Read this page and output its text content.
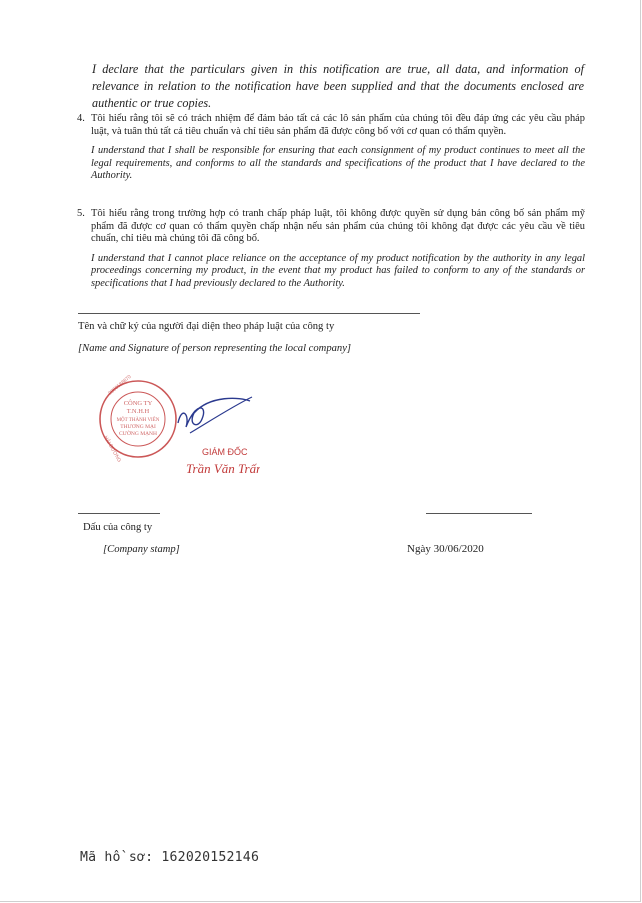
I declare that the particulars given in this notification are true, all data, and information of relevance in relation to the notification have been supplied and that the documents enclosed are authentic or true copies.
4. Tôi hiểu rằng tôi sẽ có trách nhiệm để đảm bảo tất cả các lô sản phẩm của chúng tôi đều đáp ứng các yêu cầu pháp luật, và tuân thủ tất cả tiêu chuẩn và chỉ tiêu sản phẩm đã được công bố với cơ quan có thẩm quyền.
I understand that I shall be responsible for ensuring that each consignment of my product continues to meet all the legal requirements, and conforms to all the standards and specifications of the product that I have declared to the Authority.
5. Tôi hiểu rằng trong trường hợp có tranh chấp pháp luật, tôi không được quyền sử dụng bản công bố sản phẩm mỹ phẩm đã được cơ quan có thẩm quyền chấp nhận nếu sản phẩm của chúng tôi không đạt được các yêu cầu về tiêu chuẩn, chỉ tiêu mà chúng tôi đã công bố.
I understand that I cannot place reliance on the acceptance of my product notification by the authority in any legal proceedings concerning my product, in the event that my product has failed to conform to any of the standards or specifications that I had previously declared to the Authority.
Tên và chữ ký của người đại diện theo pháp luật của công ty
[Name and Signature of person representing the local company]
CÔNG TY
T.N.H.H
MỘT THÀNH VIÊN
THƯƠNG MẠI
CƯỜNG MẠNH
0800588870
HẢI DƯƠNG	GIÁM ĐỐC
Trần Văn Trấn
Dấu của công ty
[Company stamp]	Ngày 30/06/2020
Mã hồ sơ: 162020152146
